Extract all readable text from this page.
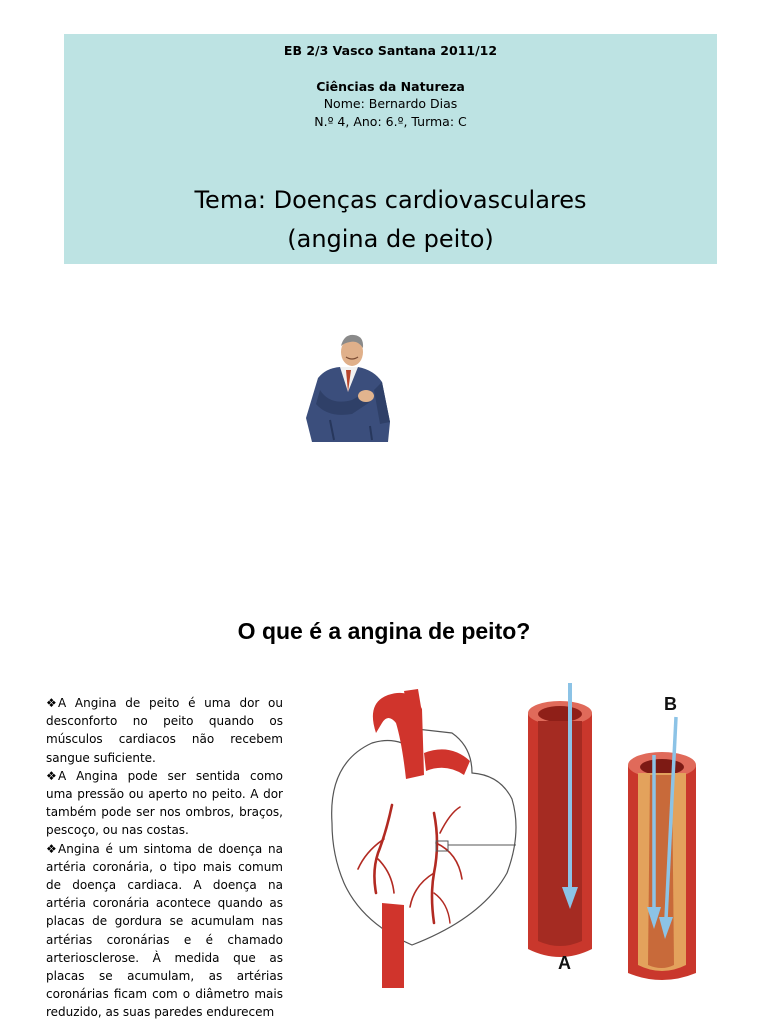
EB 2/3 Vasco Santana 2011/12
Ciências da Natureza
Nome: Bernardo Dias
N.º 4, Ano: 6.º, Turma: C
Tema: Doenças cardiovasculares
(angina de peito)
O que é a angina de peito?

❖A Angina de peito é uma dor ou desconforto no peito quando os músculos cardiacos não recebem sangue suficiente.

❖A Angina pode ser sentida como uma pressão ou aperto no peito. A dor também pode ser nos ombros, braços, pescoço, ou nas costas.

❖Angina é um sintoma de doença na artéria coronária, o tipo mais comum de doença cardiaca. A doença na artéria coronária acontece quando as placas de gordura se acumulam nas artérias coronárias e é chamado arteriosclerose. À medida que as placas se acumulam, as artérias coronárias ficam com o diâmetro mais reduzido, as suas paredes endurecem

A
B
